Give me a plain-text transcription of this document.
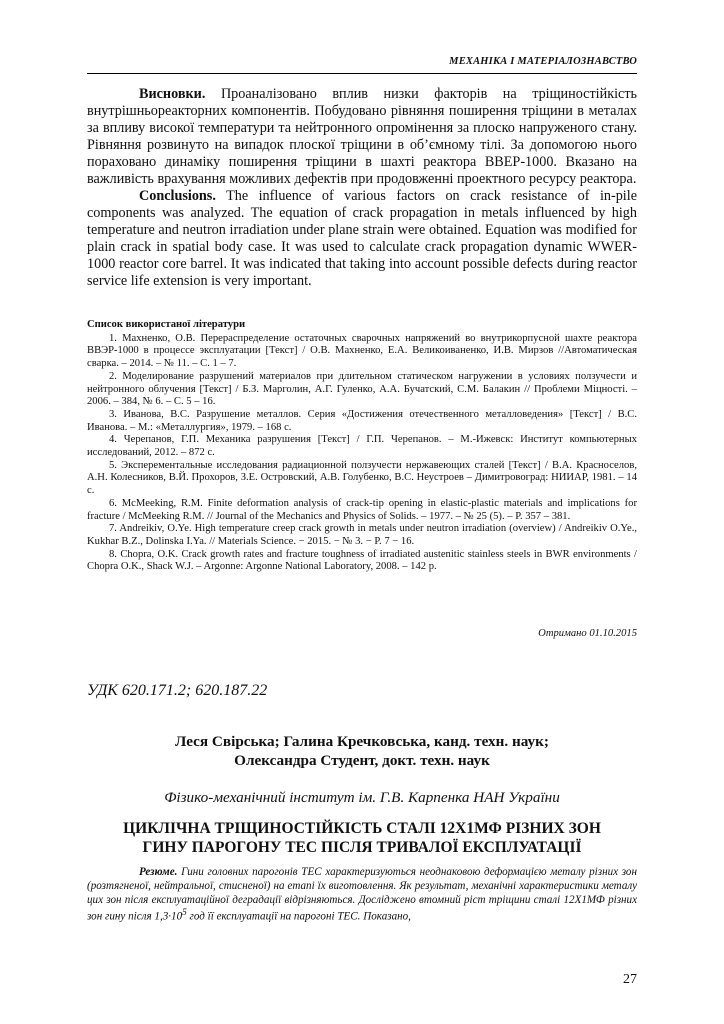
МЕХАНІКА І МАТЕРІАЛОЗНАВСТВО

Висновки. Проаналізовано вплив низки факторів на тріщиностійкість внутрішньореакторних компонентів. Побудовано рівняння поширення тріщини в металах за впливу високої температури та нейтронного опромінення за плоско напруженого стану. Рівняння розвинуто на випадок плоскої тріщини в об’ємному тілі. За допомогою нього пораховано динаміку поширення тріщини в шахті реактора ВВЕР-1000. Вказано на важливість врахування можливих дефектів при продовженні проектного ресурсу реактора.

Conclusions. The influence of various factors on crack resistance of in-pile components was analyzed. The equation of crack propagation in metals influenced by high temperature and neutron irradiation under plane strain were obtained. Equation was modified for plain crack in spatial body case. It was used to calculate crack propagation dynamic WWER-1000 reactor core barrel. It was indicated that taking into account possible defects during reactor service life extension is very important.

Список використаної літератури
1. Махненко, О.В. Перераспределение остаточных сварочных напряжений во внутрикорпусной шахте реактора ВВЭР-1000 в процессе эксплуатации [Текст] / О.В. Махненко, Е.А. Великоиваненко, И.В. Мирзов //Автоматическая сварка. – 2014. – № 11. – С. 1 – 7.
2. Моделирование разрушений материалов при длительном статическом нагружении в условиях ползучести и нейтронного облучения [Текст] / Б.З. Марголин, А.Г. Гуленко, А.А. Бучатский, С.М. Балакин // Проблеми Міцності. – 2006. – 384, № 6. – С. 5 – 16.
3. Иванова, В.С. Разрушение металлов. Серия «Достижения отечественного металловедения» [Текст] / В.С. Иванова. – М.: «Металлургия», 1979. – 168 с.
4. Черепанов, Г.П. Механика разрушения [Текст] / Г.П. Черепанов. – М.-Ижевск: Институт компьютерных исследований, 2012. – 872 с.
5. Эксперементальные исследования радиационной ползучести нержавеющих сталей [Текст] / В.А. Красноселов, А.Н. Колесников, В.Й. Прохоров, З.Е. Островский, А.В. Голубенко, В.С. Неустроев – Димитровоград: НИИАР, 1981. – 14 с.
6. McMeeking, R.M. Finite deformation analysis of crack-tip opening in elastic-plastic materials and implications for fracture / McMeeking R.M. // Journal of the Mechanics and Physics of Solids. – 1977. – № 25 (5). – P. 357 – 381.
7. Andreikiv, O.Ye. High temperature creep crack growth in metals under neutron irradiation (overview) / Andreikiv O.Ye., Kukhar B.Z., Dolinska I.Ya. // Materials Science. − 2015. − № 3. − P. 7 − 16.
8. Chopra, O.K. Crack growth rates and fracture toughness of irradiated austenitic stainless steels in BWR environments / Chopra O.K., Shack W.J. – Argonne: Argonne National Laboratory, 2008. – 142 p.
Отримано 01.10.2015
УДК 620.171.2; 620.187.22
Леся Свірська; Галина Кречковська, канд. техн. наук;
Олександра Студент, докт. техн. наук
Фізико-механічний інститут ім. Г.В. Карпенка НАН України
ЦИКЛІЧНА ТРІЩИНОСТІЙКІСТЬ СТАЛІ 12Х1МФ РІЗНИХ ЗОН
ГИНУ ПАРОГОНУ ТЕС ПІСЛЯ ТРИВАЛОЇ ЕКСПЛУАТАЦІЇ
Резюме. Гини головних парогонів ТЕС характеризуються неоднаковою деформацією металу різних зон (розтягненої, нейтральної, стисненої) на етапі їх виготовлення. Як результат, механічні характеристики металу цих зон після експлуатаційної деградації відрізняються. Досліджено втомний ріст тріщини сталі 12Х1МФ різних зон гину після $1,3\cdot 10^5$ год її експлуатації на парогоні ТЕС. Показано,
27
